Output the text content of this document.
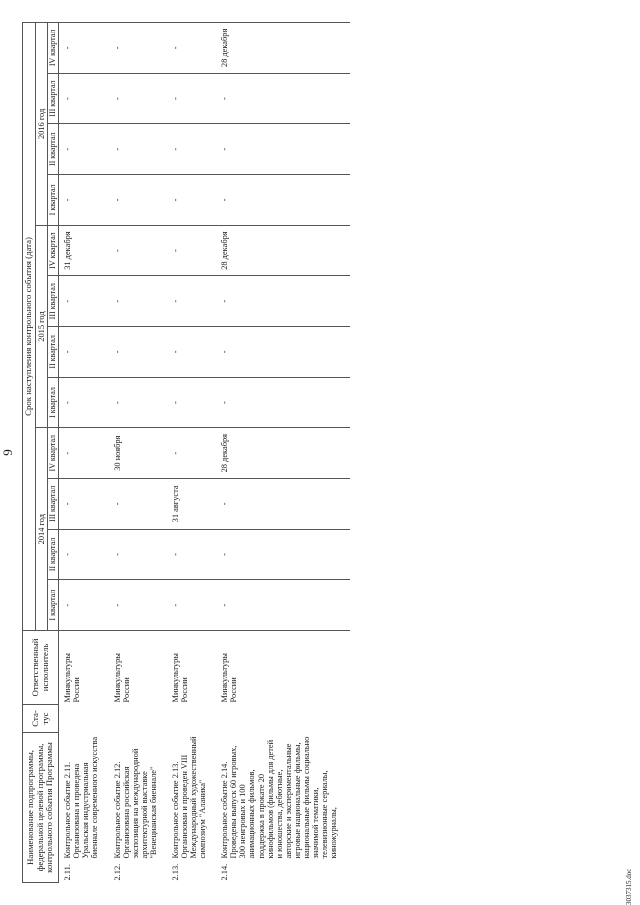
9
Наименование подпрограммы, федеральной целевой программы, контрольного события Программы		Ста-тус	Ответственный исполнитель	Срок наступления контрольного события (дата)											
				2014 год				2015 год				2016 год			
				I квартал	II квартал	III квартал	IV квартал	I квартал	II квартал	III квартал	IV квартал	I квартал	II квартал	III квартал	IV квартал
2.11.	Контрольное событие 2.11. Организована и проведена Уральская индустриальная биеннале современного искусства		Минкультуры России	-	-	-	-	-	-	-	31 декабря	-	-	-	-
2.12.	Контрольное событие 2.12. Организована российская экспозиция на международной архитектурной выставке "Венецианская биеннале"		Минкультуры России	-	-	-	30 ноября	-	-	-	-	-	-	-	-
2.13.	Контрольное событие 2.13. Организован и проведен VIII Международный художественный симпозиум "Аланика"		Минкультуры России	-	-	31 августа	-	-	-	-	-	-	-	-	-
2.14.	Контрольное событие 2.14. Проведены выпуск 60 игровых, 300 неигровых и 100 анимационных фильмов, поддержка в прокате 20 кинофильмов (фильмы для детей и юношества, дебютные, авторские и экспериментальные игровые национальные фильмы, национальные фильмы социально значимой тематики, телевизионные сериалы, киножурналы,		Минкультуры России	-	-	-	28 декабря	-	-	-	28 декабря	-	-	-	28 декабря
3037315.doc
